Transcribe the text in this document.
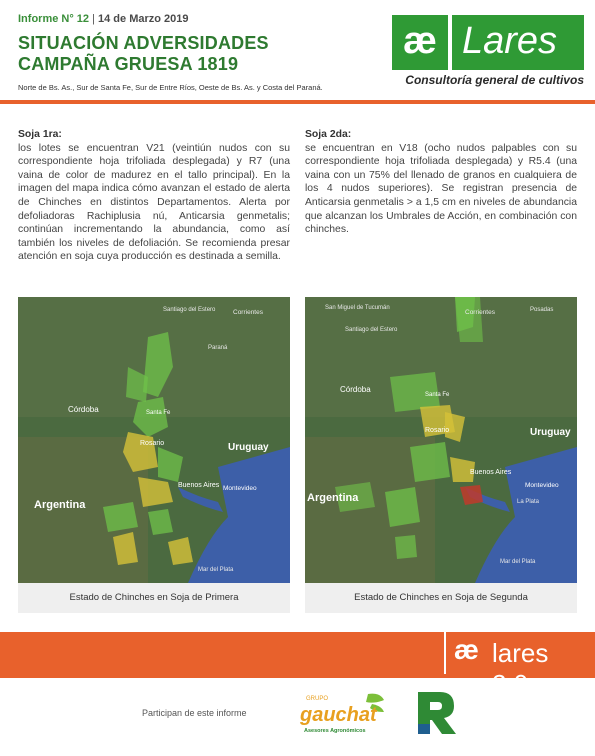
Informe N° 12 | 14 de Marzo 2019
SITUACIÓN ADVERSIDADES
CAMPAÑA GRUESA 1819
Norte de Bs. As., Sur de Santa Fe, Sur de Entre Ríos, Oeste de Bs. As. y Costa del Paraná.
æ Lares
Consultoría general de cultivos
Soja 1ra:
los lotes se encuentran V21 (veintiún nudos con su correspondiente hoja trifoliada desplegada) y R7 (una vaina de color de madurez en el tallo principal). En la imagen del mapa indica cómo avanzan el estado de alerta de Chinches en distintos Departamentos. Alerta por defoliadoras Rachiplusia nú, Anticarsia genmetalis; continúan incrementando la abundancia, como así también los niveles de defoliación. Se recomienda presar atención en soja cuya producción es destinada a semilla.
Soja 2da:
se encuentran en V18 (ocho nudos palpables con su correspondiente hoja trifoliada desplegada) y R5.4 (una vaina con un 75% del llenado de granos en cualquiera de los 4 nudos superiores). Se registran presencia de Anticarsia genmetalis > a 1,5 cm en niveles de abundancia que alcanzan los Umbrales de Acción, en combinación con chinches.
Santiago del Estero	Corrientes
Paraná
Córdoba	Santa Fe
Rosario	Uruguay
Buenos Aires Montevideo
Argentina
Mar del Plata
Estado de Chinches en Soja de Primera
San Miguel de Tucumán
Santiago del Estero
Corrientes	Posadas
Córdoba
Santa Fe
Rosario	Uruguay
Buenos Aires
Montevideo
Argentina	La Plata
Mar del Plata
Estado de Chinches en Soja de Segunda
æ lares 2.0
Participan de este informe
GRUPO
gauchat
Asesores Agronómicos
